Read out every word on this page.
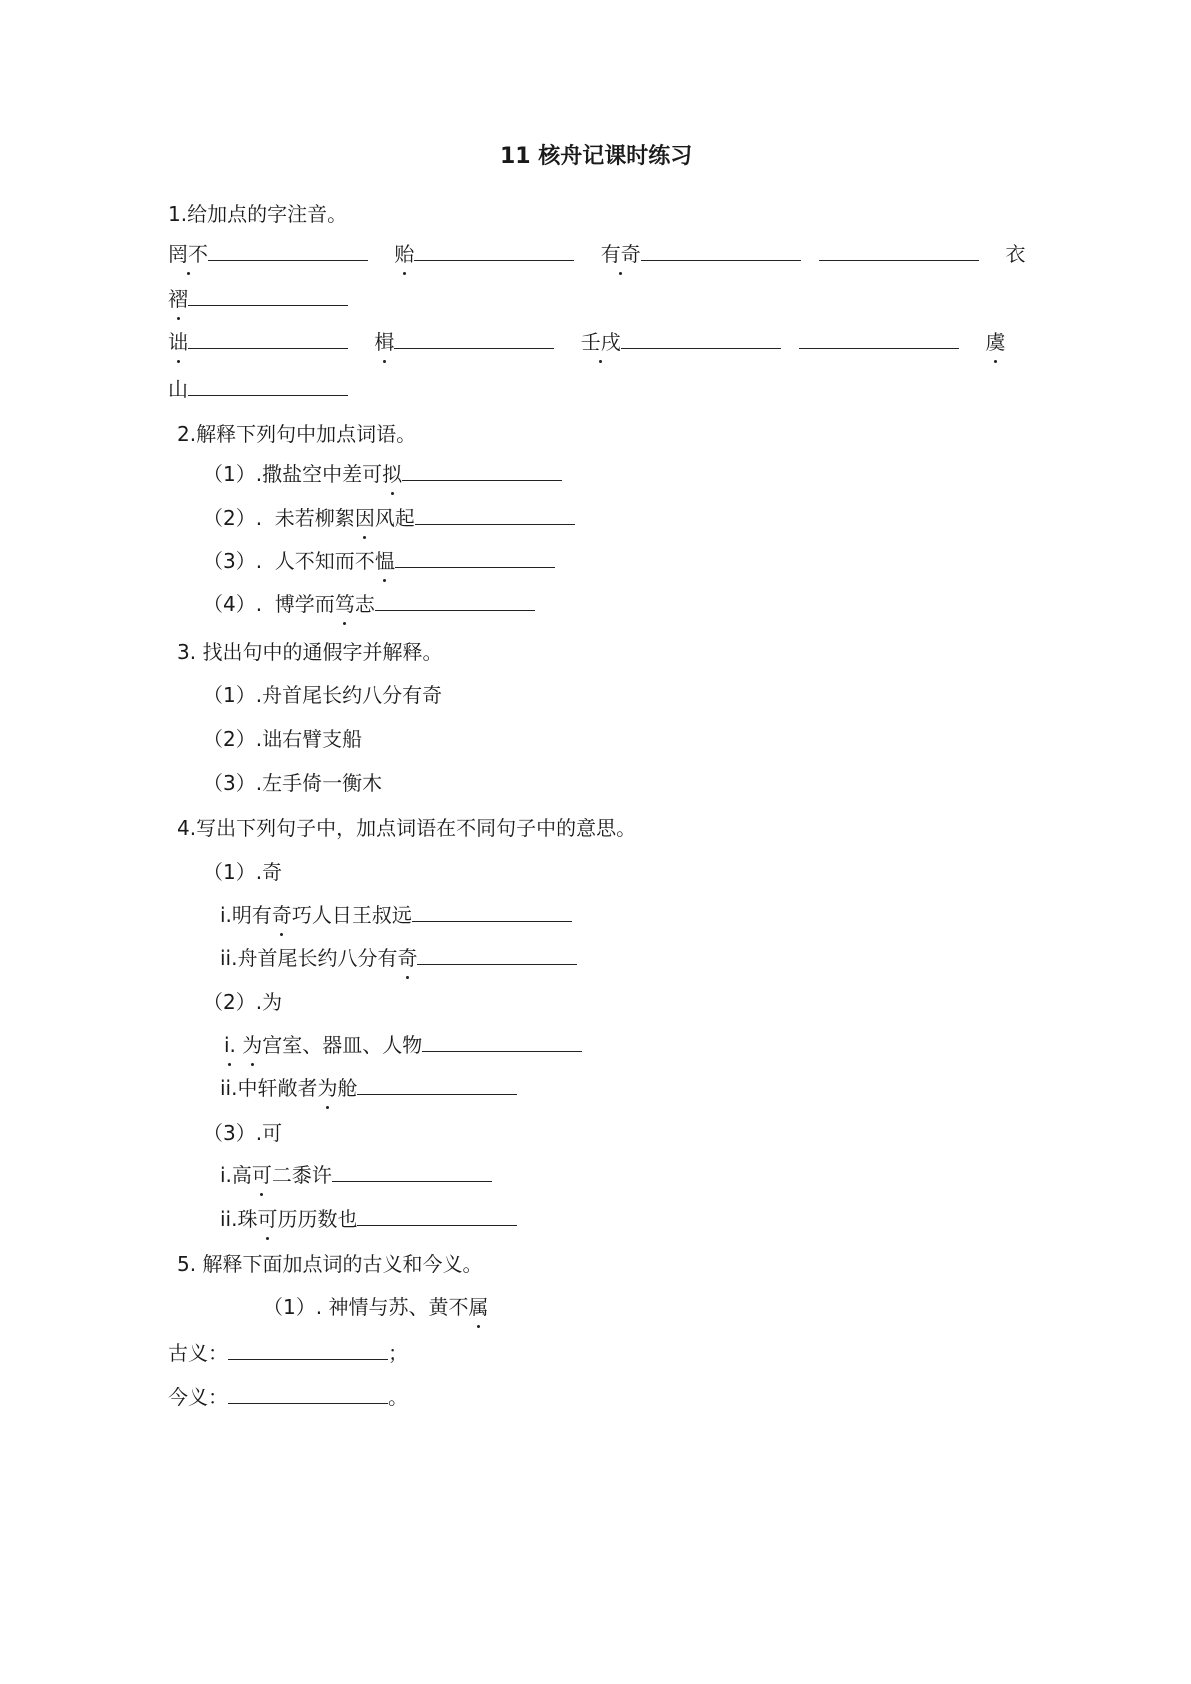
11 核舟记课时练习
1.给加点的字注音。
罔不	贻	有奇	衣
褶
诎	楫	壬戌	虞
山
2.解释下列句中加点词语。
（1）.撒盐空中差可拟
（2）.  未若柳絮因风起
（3）.  人不知而不愠
（4）.  博学而笃志
3. 找出句中的通假字并解释。
（1）.舟首尾长约八分有奇
（2）.诎右臂支船
（3）.左手倚一衡木
4.写出下列句子中，加点词语在不同句子中的意思。
（1）.奇
i.明有奇巧人日王叔远
ii.舟首尾长约八分有奇
（2）.为
i. 为宫室、器皿、人物
ii.中轩敞者为舱
（3）.可
i.高可二黍许
ii.珠可历历数也
5. 解释下面加点词的古义和今义。
（1）. 神情与苏、黄不属
古义：	；
今义：	。
